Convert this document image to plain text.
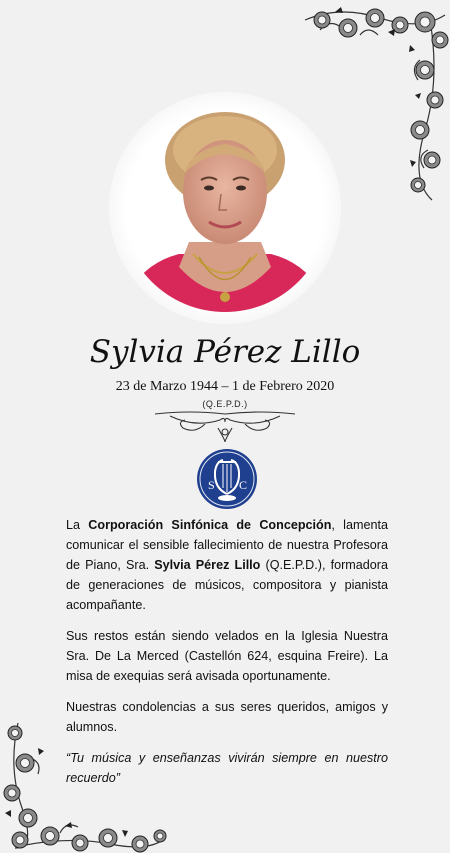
Sylvia Pérez Lillo
23 de Marzo 1944 – 1 de Febrero 2020
(Q.E.P.D.)
S C

La Corporación Sinfónica de Concepción, lamenta comunicar el sensible fallecimiento de nuestra Profesora de Piano, Sra. Sylvia Pérez Lillo (Q.E.P.D.), formadora de generaciones de músicos, compositora y pianista acompañante.

Sus restos están siendo velados en la Iglesia Nuestra Sra. De La Merced (Castellón 624, esquina Freire). La misa de exequias será avisada oportunamente.

Nuestras condolencias a sus seres queridos, amigos y alumnos.

“Tu música y enseñanzas vivirán siempre en nuestro recuerdo”
